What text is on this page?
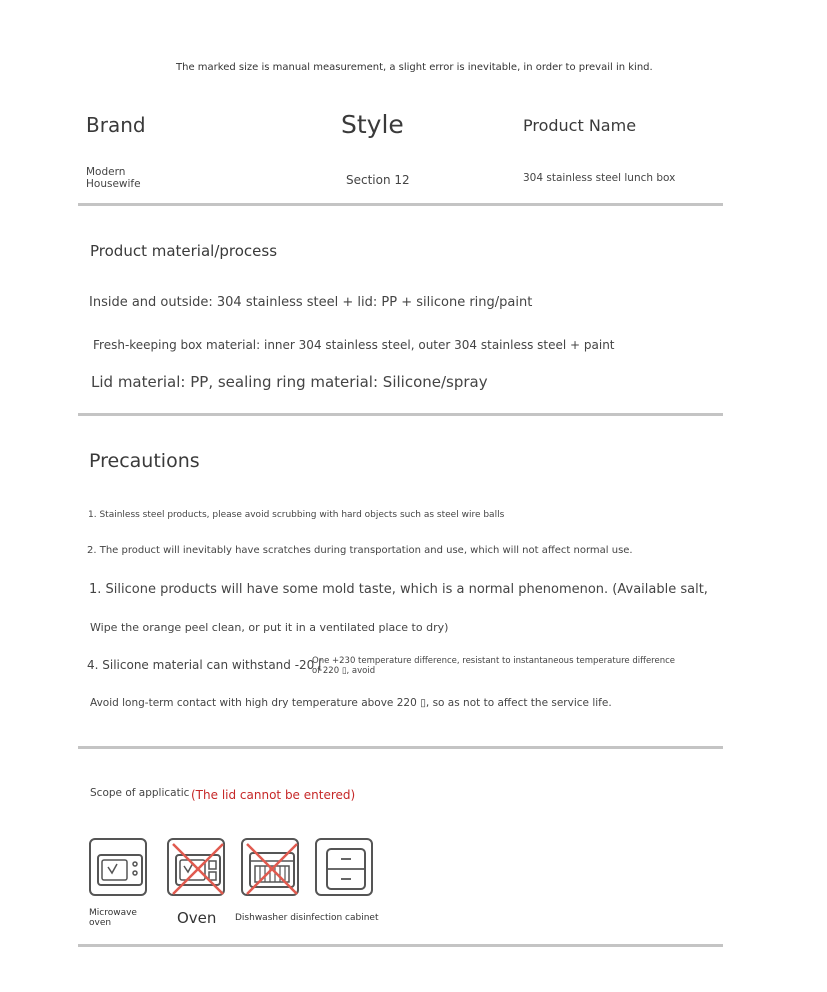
The marked size is manual measurement, a slight error is inevitable, in order to prevail in kind.
Brand	Style	Product Name
Modern
Housewife	Section 12	304 stainless steel lunch box
Product material/process
Inside and outside: 304 stainless steel + lid: PP + silicone ring/paint
Fresh-keeping box material: inner 304 stainless steel, outer 304 stainless steel + paint
Lid material: PP, sealing ring material: Silicone/spray
Precautions
1. Stainless steel products, please avoid scrubbing with hard objects such as steel wire balls
2. The product will inevitably have scratches during transportation and use, which will not affect normal use.
1. Silicone products will have some mold taste, which is a normal phenomenon. (Available salt,
Wipe the orange peel clean, or put it in a ventilated place to dry)
4. Silicone material can withstand -20 [
One +230 temperature difference, resistant to instantaneous temperature difference
of 220 ▯, avoid
Avoid long-term contact with high dry temperature above 220 ▯, so as not to affect the service life.
Scope of applicatic (The lid cannot be entered)
Microwave
oven	Oven Dishwasher disinfection cabinet
